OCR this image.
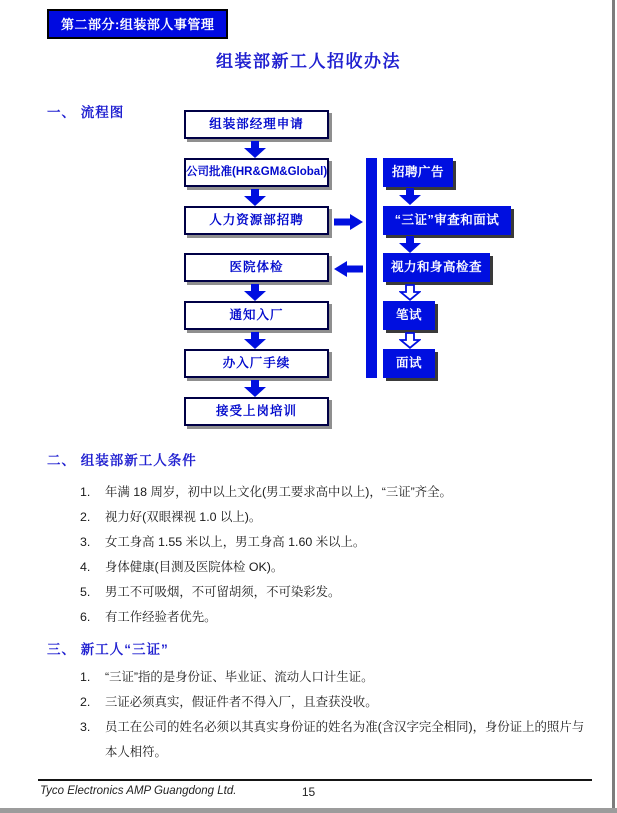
第二部分:组装部人事管理
组装部新工人招收办法
一、 流程图
组装部经理申请
公司批准(HR&GM&Global)
人力资源部招聘
医院体检
通知入厂
办入厂手续
接受上岗培训
招聘广告
“三证”审查和面试
视力和身高检查
笔试
面试
二、 组装部新工人条件
1.	年满 18 周岁，初中以上文化(男工要求高中以上)，“三证”齐全。
2.	视力好(双眼裸视 1.0 以上)。
3.	女工身高 1.55 米以上，男工身高 1.60 米以上。
4.	身体健康(目测及医院体检 OK)。
5.	男工不可吸烟，不可留胡须，不可染彩发。
6.	有工作经验者优先。
三、 新工人“三证”
1.	“三证”指的是身份证、毕业证、流动人口计生证。
2.	三证必须真实，假证件者不得入厂，且查获没收。
3.	员工在公司的姓名必须以其真实身份证的姓名为准(含汉字完全相同)，身份证上的照片与本人相符。
Tyco Electronics AMP Guangdong Ltd.	15
